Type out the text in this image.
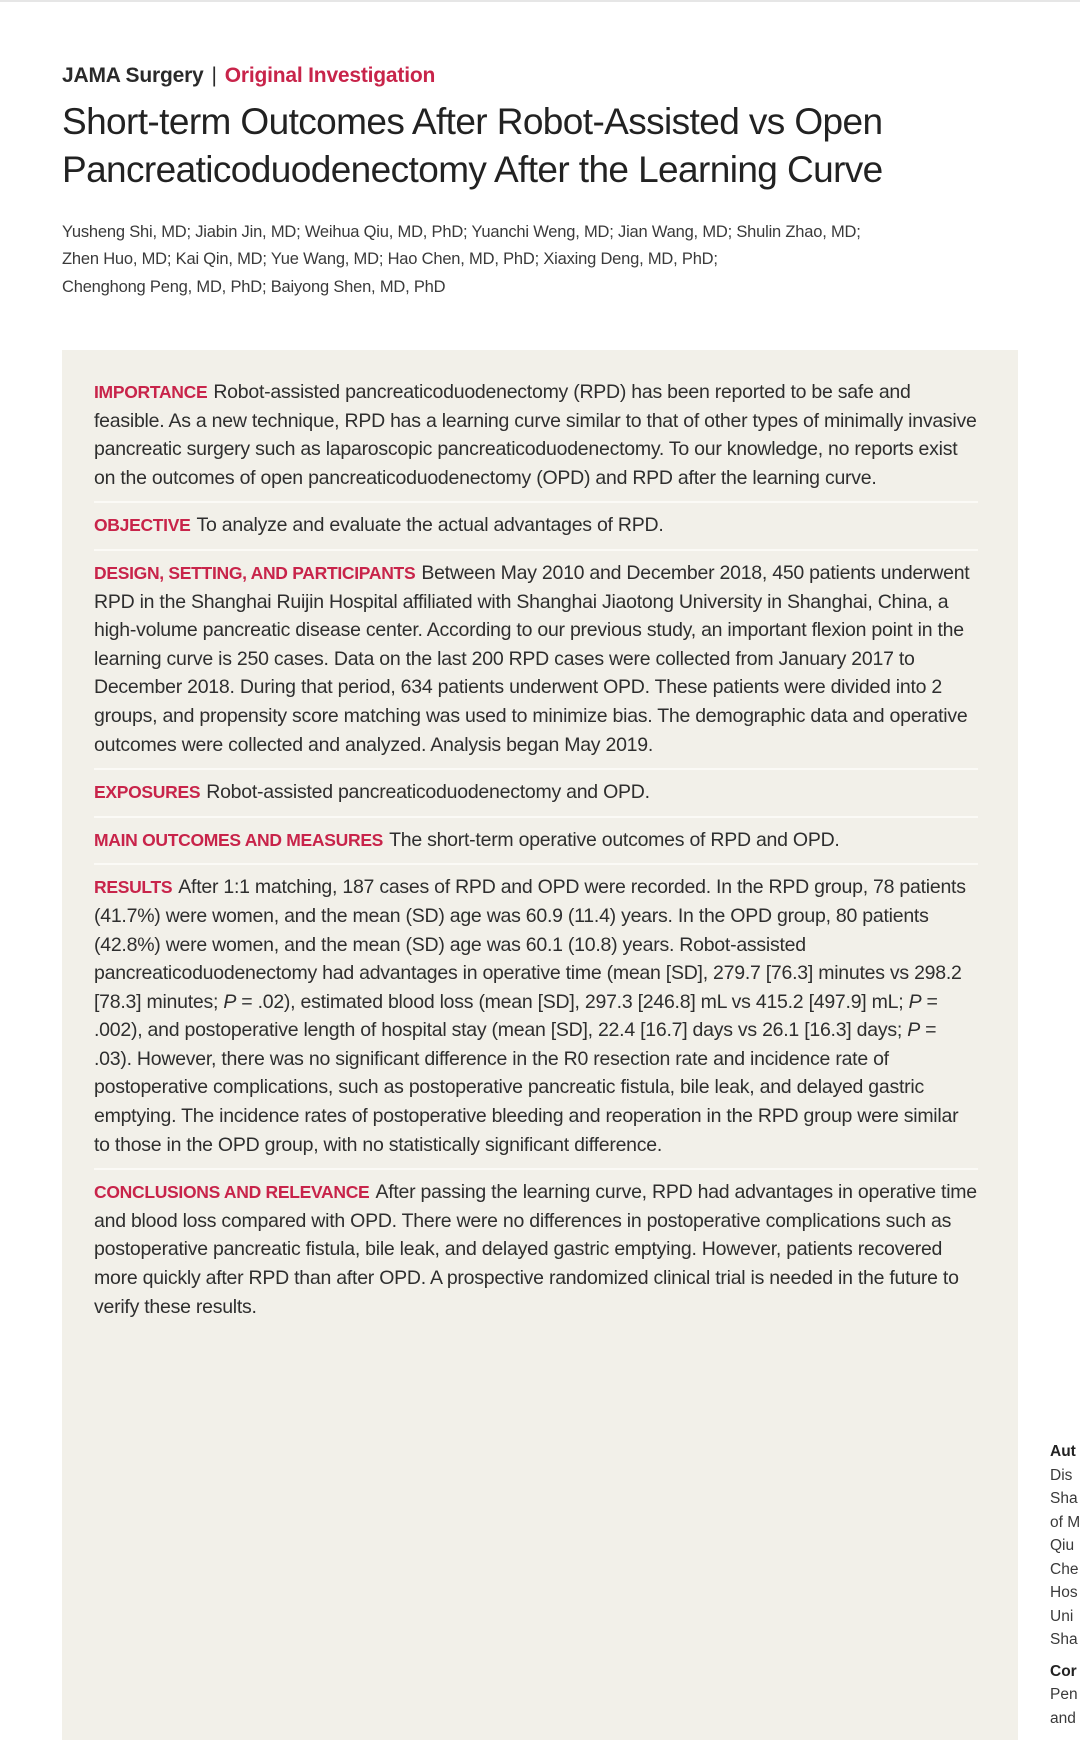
JAMA Surgery | Original Investigation
Short-term Outcomes After Robot-Assisted vs Open
Pancreaticoduodenectomy After the Learning Curve
Yusheng Shi, MD; Jiabin Jin, MD; Weihua Qiu, MD, PhD; Yuanchi Weng, MD; Jian Wang, MD; Shulin Zhao, MD;
Zhen Huo, MD; Kai Qin, MD; Yue Wang, MD; Hao Chen, MD, PhD; Xiaxing Deng, MD, PhD;
Chenghong Peng, MD, PhD; Baiyong Shen, MD, PhD
IMPORTANCE Robot-assisted pancreaticoduodenectomy (RPD) has been reported to be safe and feasible. As a new technique, RPD has a learning curve similar to that of other types of minimally invasive pancreatic surgery such as laparoscopic pancreaticoduodenectomy. To our knowledge, no reports exist on the outcomes of open pancreaticoduodenectomy (OPD) and RPD after the learning curve.
OBJECTIVE To analyze and evaluate the actual advantages of RPD.
DESIGN, SETTING, AND PARTICIPANTS Between May 2010 and December 2018, 450 patients underwent RPD in the Shanghai Ruijin Hospital affiliated with Shanghai Jiaotong University in Shanghai, China, a high-volume pancreatic disease center. According to our previous study, an important flexion point in the learning curve is 250 cases. Data on the last 200 RPD cases were collected from January 2017 to December 2018. During that period, 634 patients underwent OPD. These patients were divided into 2 groups, and propensity score matching was used to minimize bias. The demographic data and operative outcomes were collected and analyzed. Analysis began May 2019.
EXPOSURES Robot-assisted pancreaticoduodenectomy and OPD.
MAIN OUTCOMES AND MEASURES The short-term operative outcomes of RPD and OPD.
RESULTS After 1:1 matching, 187 cases of RPD and OPD were recorded. In the RPD group, 78 patients (41.7%) were women, and the mean (SD) age was 60.9 (11.4) years. In the OPD group, 80 patients (42.8%) were women, and the mean (SD) age was 60.1 (10.8) years. Robot-assisted pancreaticoduodenectomy had advantages in operative time (mean [SD], 279.7 [76.3] minutes vs 298.2 [78.3] minutes; P = .02), estimated blood loss (mean [SD], 297.3 [246.8] mL vs 415.2 [497.9] mL; P = .002), and postoperative length of hospital stay (mean [SD], 22.4 [16.7] days vs 26.1 [16.3] days; P = .03). However, there was no significant difference in the R0 resection rate and incidence rate of postoperative complications, such as postoperative pancreatic fistula, bile leak, and delayed gastric emptying. The incidence rates of postoperative bleeding and reoperation in the RPD group were similar to those in the OPD group, with no statistically significant difference.
CONCLUSIONS AND RELEVANCE After passing the learning curve, RPD had advantages in operative time and blood loss compared with OPD. There were no differences in postoperative complications such as postoperative pancreatic fistula, bile leak, and delayed gastric emptying. However, patients recovered more quickly after RPD than after OPD. A prospective randomized clinical trial is needed in the future to verify these results.
Aut
Dis
Sha
of M
Qiu
Che
Hos
Uni
Sha
Cor
Pen
and
